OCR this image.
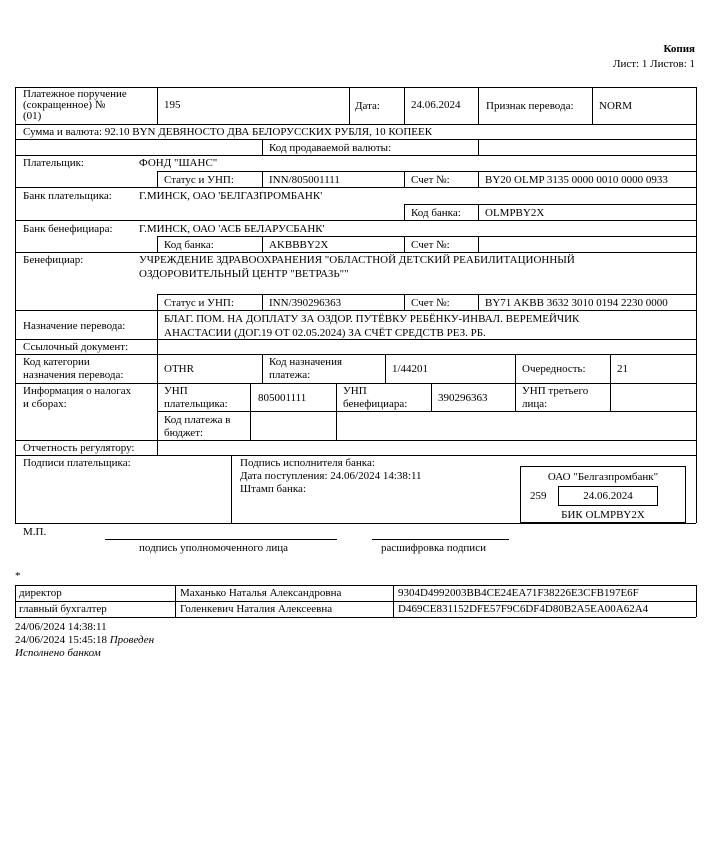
Копия
Лист: 1 Листов: 1
Платежное поручение
(сокращенное) №
(01)
195	Дата:	24.06.2024 Признак перевода: NORM
Сумма и валюта: 92.10 BYN ДЕВЯНОСТО ДВА БЕЛОРУССКИХ РУБЛЯ, 10 КОПЕЕК
Код продаваемой валюты:
Плательщик:	ФОНД "ШАНС"
Статус и УНП:	INN/805001111	Счет №:	BY20 OLMP 3135 0000 0010 0000 0933
Банк плательщика: Г.МИНСК, ОАО 'БЕЛГАЗПРОМБАНК'
Код банка: OLMPBY2X
Банк бенефициара: Г.МИНСК, ОАО 'АСБ БЕЛАРУСБАНК'
Код банка:	AKBBBY2X	Счет №:
Бенефициар:	УЧРЕЖДЕНИЕ ЗДРАВООХРАНЕНИЯ "ОБЛАСТНОЙ ДЕТСКИЙ РЕАБИЛИТАЦИОННЫЙ
ОЗДОРОВИТЕЛЬНЫЙ ЦЕНТР "ВЕТРАЗЬ""
Статус и УНП:	INN/390296363	Счет №:	BY71 AKBB 3632 3010 0194 2230 0000
Назначение перевода:
БЛАГ. ПОМ. НА ДОПЛАТУ ЗА ОЗДОР. ПУТЁВКУ РЕБЁНКУ-ИНВАЛ. ВЕРЕМЕЙЧИК
АНАСТАСИИ (ДОГ.19 ОТ 02.05.2024) ЗА СЧЁТ СРЕДСТВ РЕЗ. РБ.
Ссылочный документ:
Код категории
назначения перевода:	OTHR
Код назначения
платежа:	1/44201	Очередность:	21
Информация о налогах
и сборах:
УНП
плательщика:	805001111
УНП
бенефициара:	390296363
УНП третьего
лица:
Код платежа в
бюджет:
Отчетность регулятору:
Подписи плательщика:	Подпись исполнителя банка:
Дата поступления: 24.06/2024 14:38:11
Штамп банка:
ОАО "Белгазпромбанк"
259	24.06.2024
БИК OLMPBY2X
М.П.
подпись уполномоченного лица	расшифровка подписи
*
директор	Маханько Наталья Александровна	9304D4992003BB4CE24EA71F38226E3CFB197E6F
главный бухгалтер	Голенкевич Наталия Алексеевна	D469CE831152DFE57F9C6DF4D80B2A5EA00A62A4
24/06/2024 14:38:11
24/06/2024 15:45:18 Проведен
Исполнено банком
